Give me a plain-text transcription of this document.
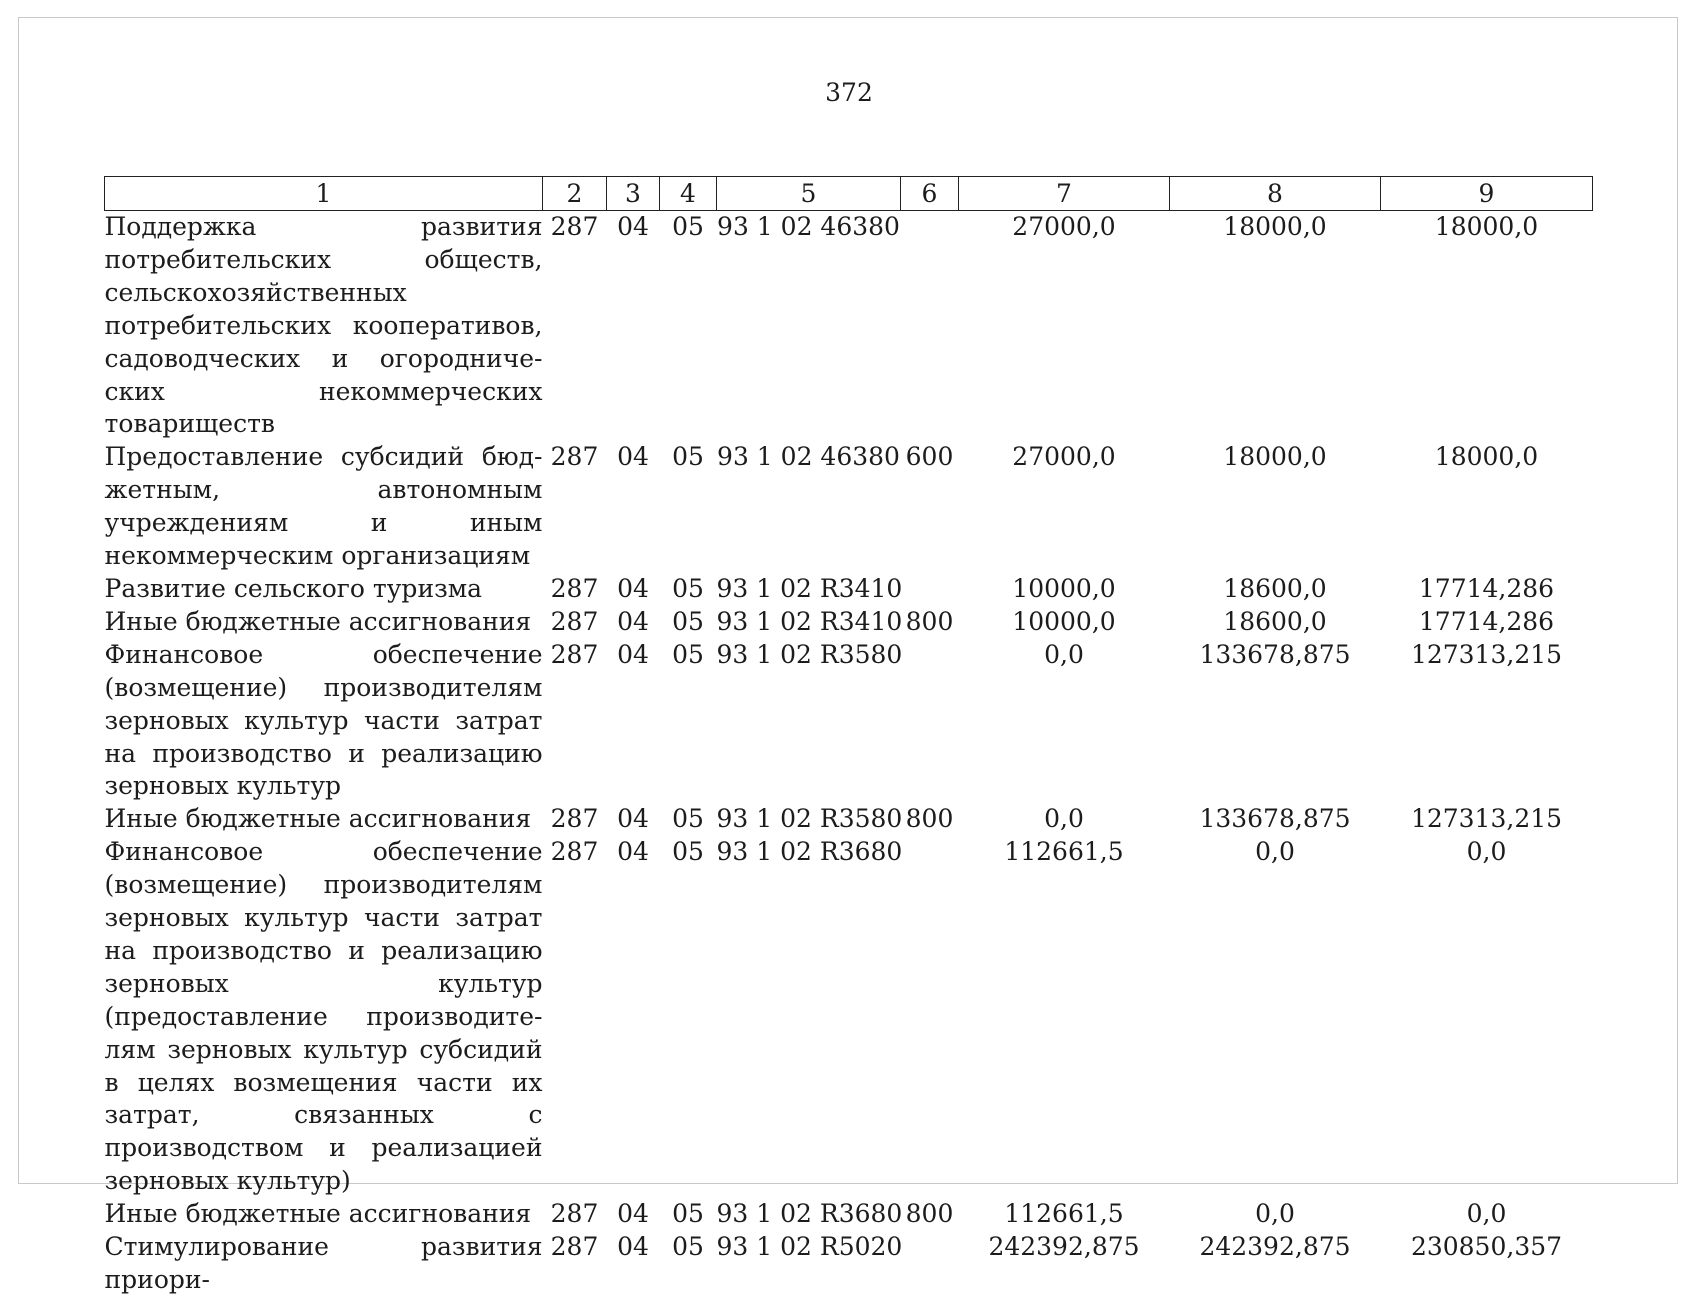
372
1	2	3	4	5	6	7	8	9
Поддержка развития потребительских обществ, сельскохозяйственных потребительских кооперативов, садоводческих и огороднических некоммерческих товариществ	287	04	05	93 1 02 46380		27000,0	18000,0	18000,0
Предоставление субсидий бюджетным, автономным учреждениям и иным некоммерческим организациям	287	04	05	93 1 02 46380	600	27000,0	18000,0	18000,0
Развитие сельского туризма	287	04	05	93 1 02 R3410		10000,0	18600,0	17714,286
Иные бюджетные ассигнования	287	04	05	93 1 02 R3410	800	10000,0	18600,0	17714,286
Финансовое обеспечение (возмещение) производителям зерновых культур части затрат на производство и реализацию зерновых культур	287	04	05	93 1 02 R3580		0,0	133678,875	127313,215
Иные бюджетные ассигнования	287	04	05	93 1 02 R3580	800	0,0	133678,875	127313,215
Финансовое обеспечение (возмещение) производителям зерновых культур части затрат на производство и реализацию зерновых культур (предоставление производителям зерновых культур субсидий в целях возмещения части их затрат, связанных с производством и реализацией зерновых культур)	287	04	05	93 1 02 R3680		112661,5	0,0	0,0
Иные бюджетные ассигнования	287	04	05	93 1 02 R3680	800	112661,5	0,0	0,0
Стимулирование развития приори-	287	04	05	93 1 02 R5020		242392,875	242392,875	230850,357
